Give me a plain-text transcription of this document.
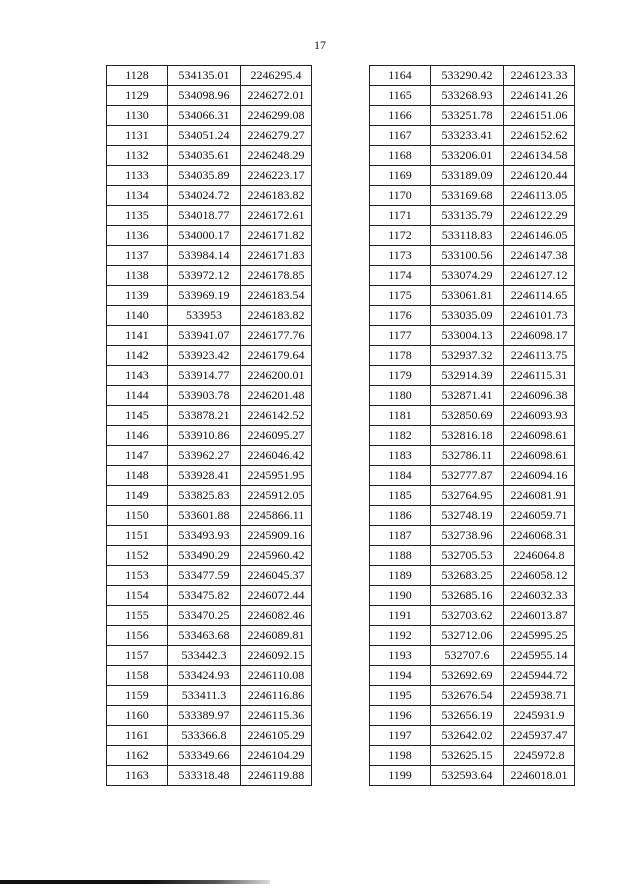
17
1128	534135.01	2246295.4
1129	534098.96	2246272.01
1130	534066.31	2246299.08
1131	534051.24	2246279.27
1132	534035.61	2246248.29
1133	534035.89	2246223.17
1134	534024.72	2246183.82
1135	534018.77	2246172.61
1136	534000.17	2246171.82
1137	533984.14	2246171.83
1138	533972.12	2246178.85
1139	533969.19	2246183.54
1140	533953	2246183.82
1141	533941.07	2246177.76
1142	533923.42	2246179.64
1143	533914.77	2246200.01
1144	533903.78	2246201.48
1145	533878.21	2246142.52
1146	533910.86	2246095.27
1147	533962.27	2246046.42
1148	533928.41	2245951.95
1149	533825.83	2245912.05
1150	533601.88	2245866.11
1151	533493.93	2245909.16
1152	533490.29	2245960.42
1153	533477.59	2246045.37
1154	533475.82	2246072.44
1155	533470.25	2246082.46
1156	533463.68	2246089.81
1157	533442.3	2246092.15
1158	533424.93	2246110.08
1159	533411.3	2246116.86
1160	533389.97	2246115.36
1161	533366.8	2246105.29
1162	533349.66	2246104.29
1163	533318.48	2246119.88
1164	533290.42	2246123.33
1165	533268.93	2246141.26
1166	533251.78	2246151.06
1167	533233.41	2246152.62
1168	533206.01	2246134.58
1169	533189.09	2246120.44
1170	533169.68	2246113.05
1171	533135.79	2246122.29
1172	533118.83	2246146.05
1173	533100.56	2246147.38
1174	533074.29	2246127.12
1175	533061.81	2246114.65
1176	533035.09	2246101.73
1177	533004.13	2246098.17
1178	532937.32	2246113.75
1179	532914.39	2246115.31
1180	532871.41	2246096.38
1181	532850.69	2246093.93
1182	532816.18	2246098.61
1183	532786.11	2246098.61
1184	532777.87	2246094.16
1185	532764.95	2246081.91
1186	532748.19	2246059.71
1187	532738.96	2246068.31
1188	532705.53	2246064.8
1189	532683.25	2246058.12
1190	532685.16	2246032.33
1191	532703.62	2246013.87
1192	532712.06	2245995.25
1193	532707.6	2245955.14
1194	532692.69	2245944.72
1195	532676.54	2245938.71
1196	532656.19	2245931.9
1197	532642.02	2245937.47
1198	532625.15	2245972.8
1199	532593.64	2246018.01
